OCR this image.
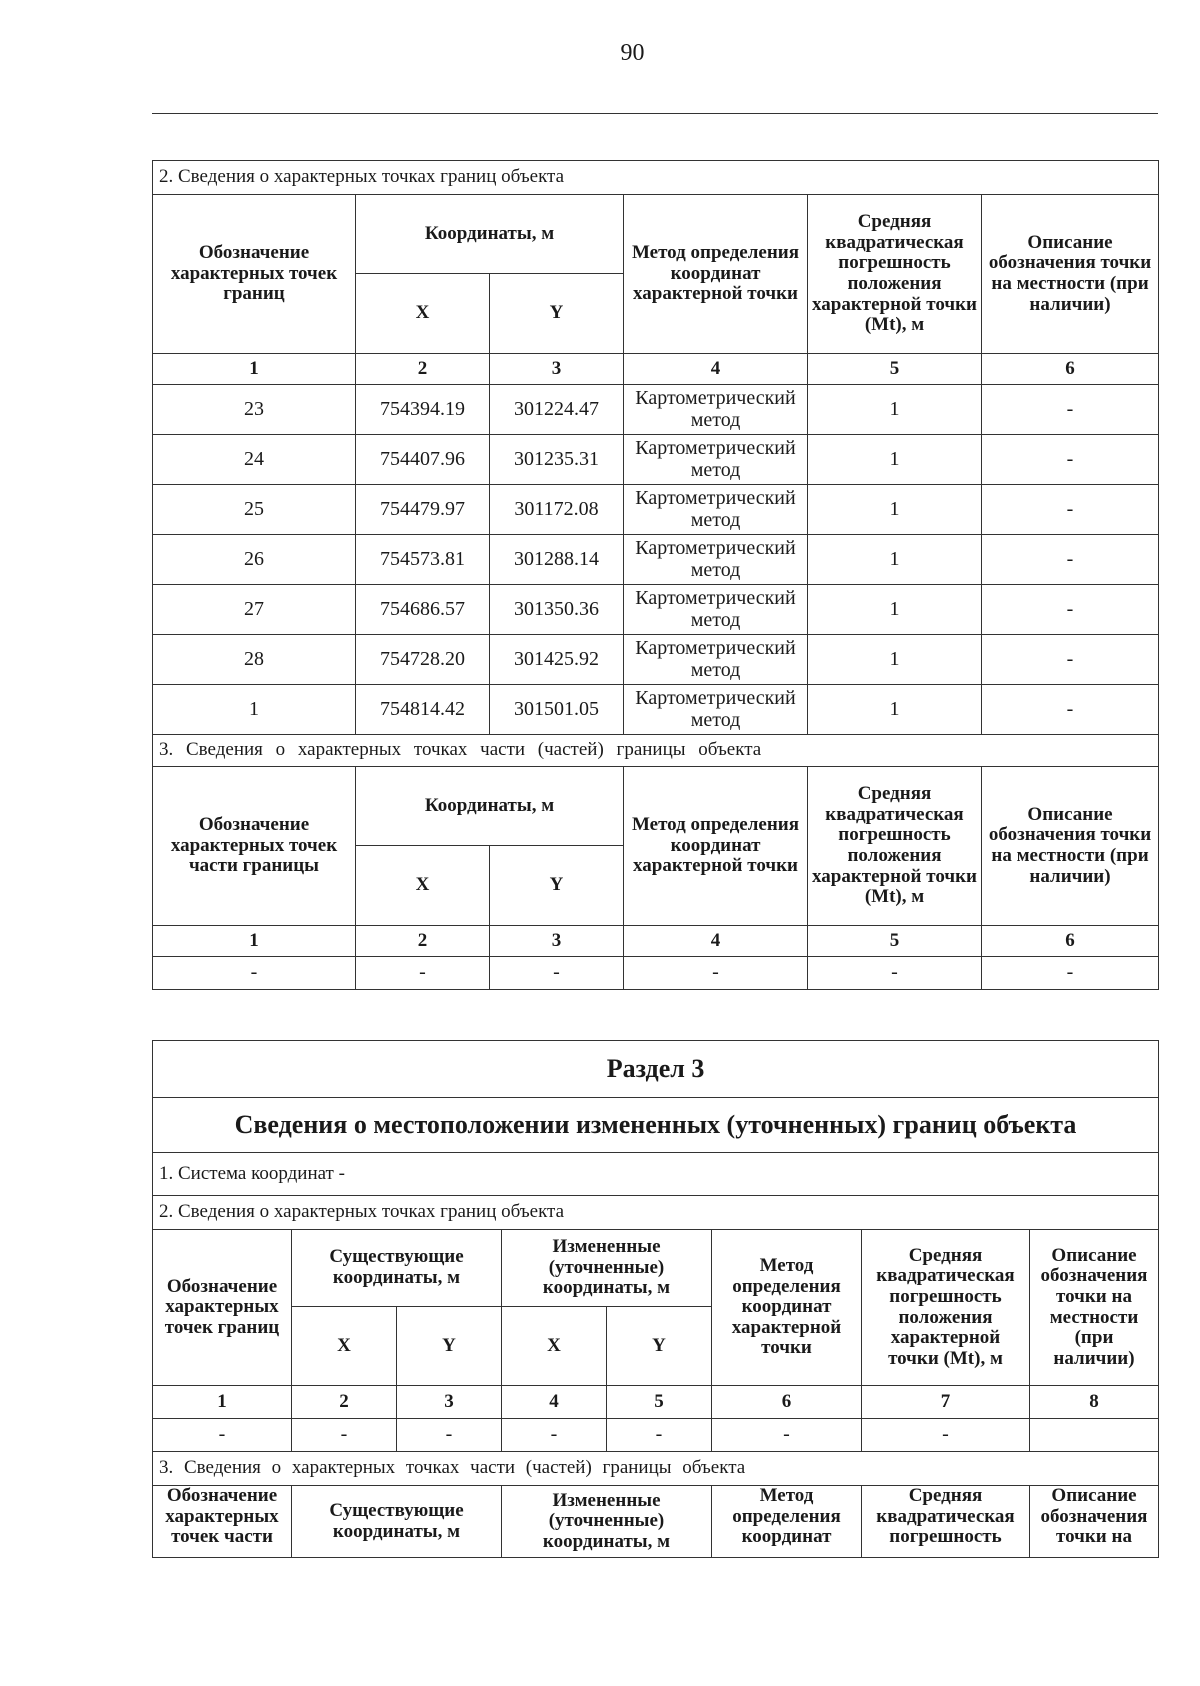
90
2. Сведения о характерных точках границ объекта					
Обозначение характерных точек границ	Координаты, м		Метод определения координат характерной точки	Средняя квадратическая погрешность положения характерной точки (Mt), м	Описание обозначения точки на местности (при наличии)
	X	Y			
1	2	3	4	5	6
23	754394.19	301224.47	Картометрический метод	1	-
24	754407.96	301235.31	Картометрический метод	1	-
25	754479.97	301172.08	Картометрический метод	1	-
26	754573.81	301288.14	Картометрический метод	1	-
27	754686.57	301350.36	Картометрический метод	1	-
28	754728.20	301425.92	Картометрический метод	1	-
1	754814.42	301501.05	Картометрический метод	1	-
3. Сведения о характерных точках части (частей) границы объекта					
Обозначение характерных точек части границы	Координаты, м		Метод определения координат характерной точки	Средняя квадратическая погрешность положения характерной точки (Mt), м	Описание обозначения точки на местности (при наличии)
	X	Y			
1	2	3	4	5	6
-	-	-	-	-	-
Раздел 3							
Сведения о местоположении измененных (уточненных) границ объекта							
1. Система координат -							
2. Сведения о характерных точках границ объекта							
Обозначение характерных точек границ	Существующие координаты, м		Измененные (уточненные) координаты, м		Метод определения координат характерной точки	Средняя квадратическая погрешность положения характерной точки (Mt), м	Описание обозначения точки на местности (при наличии)
	X	Y	X	Y			
1	2	3	4	5	6	7	8
-	-	-	-	-	-	-	
3. Сведения о характерных точках части (частей) границы объекта							
Обозначение характерных точек части	Существующие координаты, м		Измененные (уточненные) координаты, м		Метод определения координат	Средняя квадратическая погрешность	Описание обозначения точки на
